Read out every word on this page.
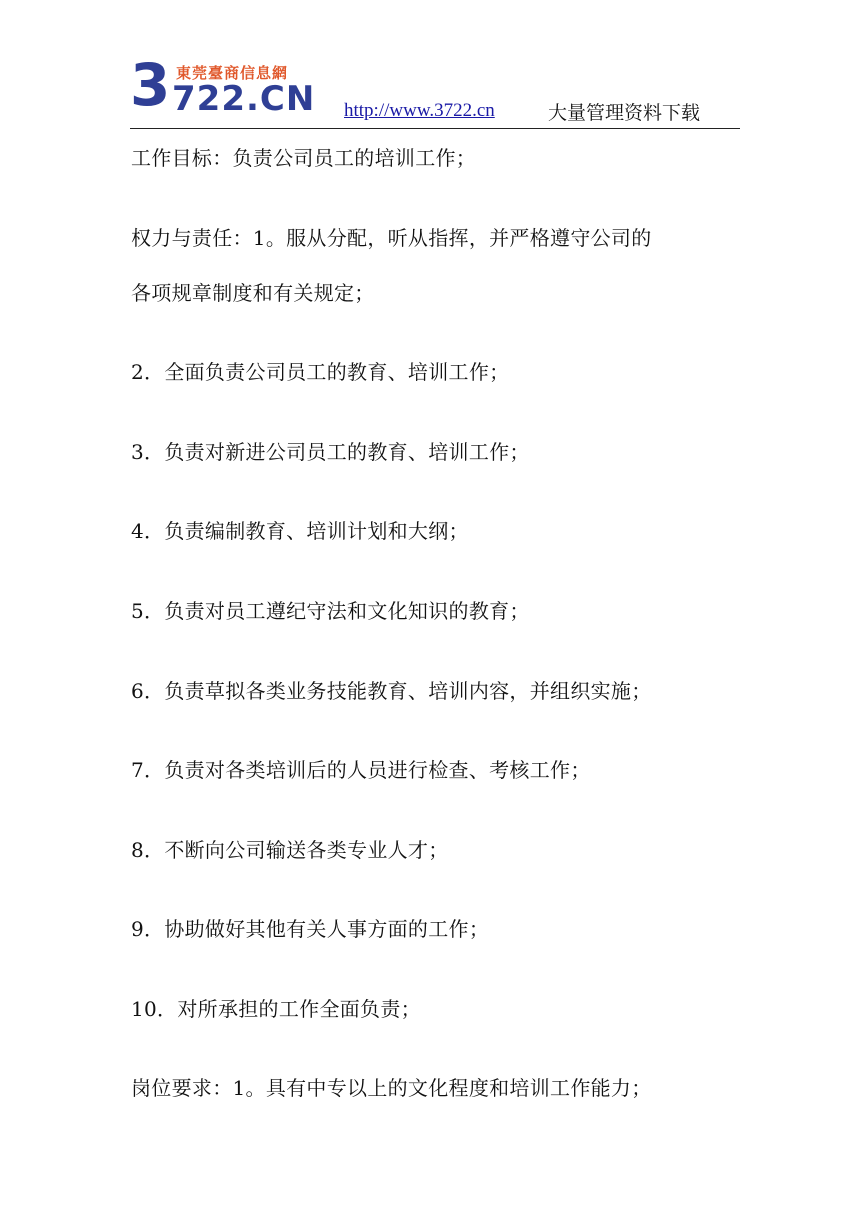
3 東莞臺商信息網
722.CN http://www.3722.cn	大量管理资料下载
工作目标：负责公司员工的培训工作；
权力与责任：1。服从分配，听从指挥，并严格遵守公司的
各项规章制度和有关规定；
2．全面负责公司员工的教育、培训工作；
3．负责对新进公司员工的教育、培训工作；
4．负责编制教育、培训计划和大纲；
5．负责对员工遵纪守法和文化知识的教育；
6．负责草拟各类业务技能教育、培训内容，并组织实施；
7．负责对各类培训后的人员进行检查、考核工作；
8．不断向公司输送各类专业人才；
9．协助做好其他有关人事方面的工作；
10．对所承担的工作全面负责；
岗位要求：1。具有中专以上的文化程度和培训工作能力；
